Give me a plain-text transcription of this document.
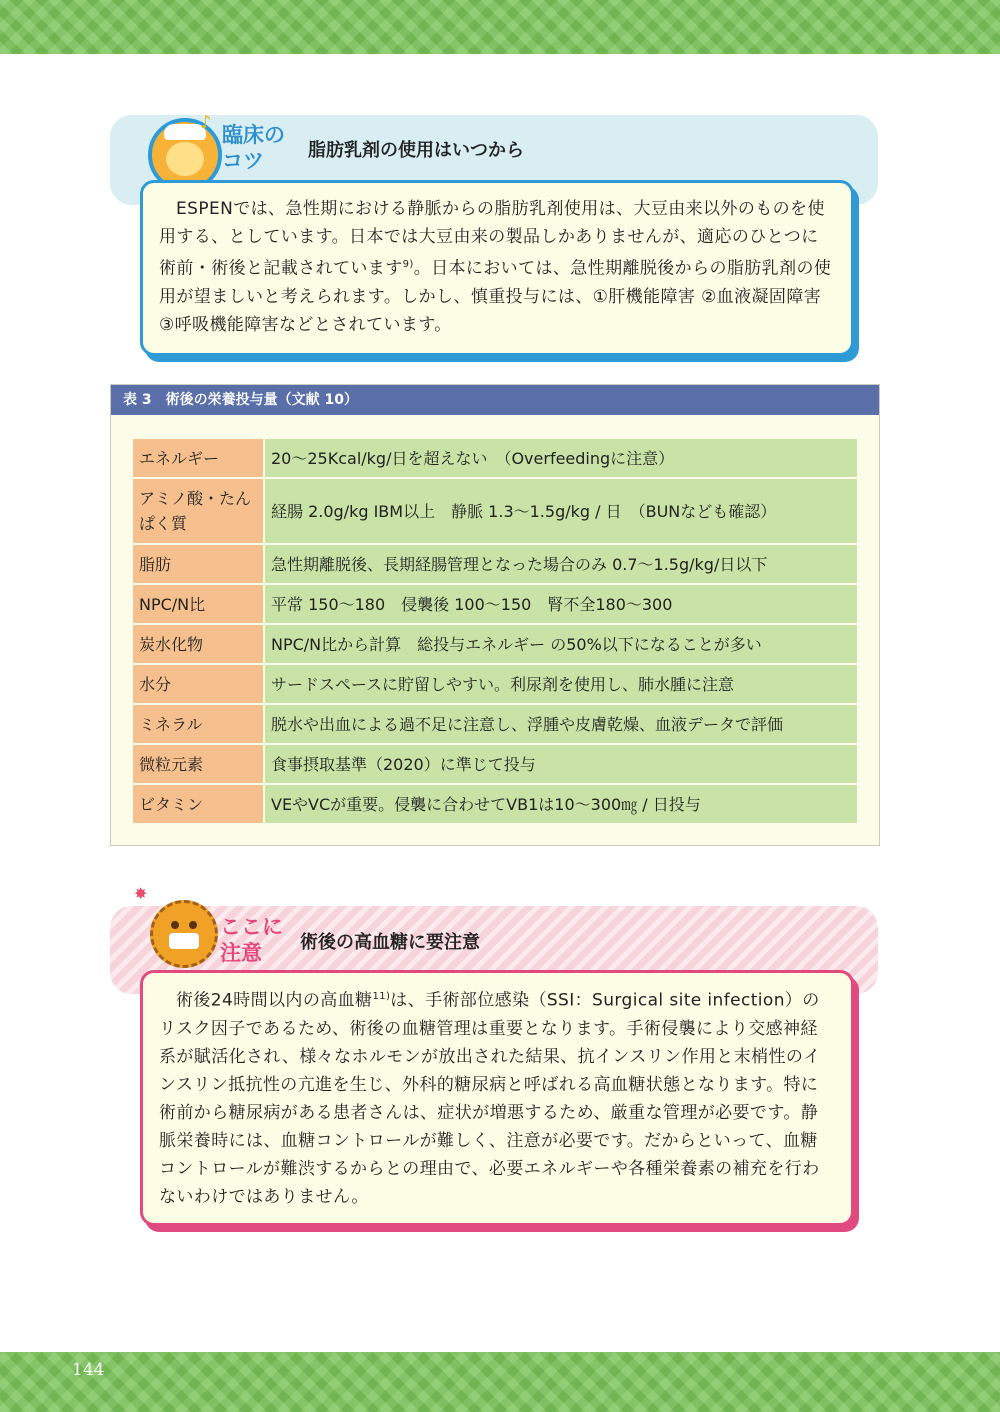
♪
臨床のコツ	脂肪乳剤の使用はいつから
ESPENでは、急性期における静脈からの脂肪乳剤使用は、大豆由来以外のものを使用する、としています。日本では大豆由来の製品しかありませんが、適応のひとつに術前・術後と記載されています$^{9)}$。日本においては、急性期離脱後からの脂肪乳剤の使用が望ましいと考えられます。しかし、慎重投与には、①肝機能障害 ②血液凝固障害 ③呼吸機能障害などとされています。
表 3　術後の栄養投与量（文献 10）
エネルギー	20～25Kcal/kg/日を超えない　（Overfeedingに注意）
アミノ酸・たんぱく質	経腸 2.0g/kg IBM以上　静脈 1.3～1.5g/kg / 日　（BUNなども確認）
脂肪	急性期離脱後、長期経腸管理となった場合のみ 0.7～1.5g/kg/日以下
NPC/N比	平常 150～180　侵襲後 100～150　腎不全180～300
炭水化物	NPC/N比から計算　総投与エネルギー の50%以下になることが多い
水分	サードスペースに貯留しやすい。利尿剤を使用し、肺水腫に注意
ミネラル	脱水や出血による過不足に注意し、浮腫や皮膚乾燥、血液データで評価
微粒元素	食事摂取基準（2020）に準じて投与
ビタミン	VEやVCが重要。侵襲に合わせてVB1は10～300㎎ / 日投与
✸
ここに注意	術後の高血糖に要注意
術後24時間以内の高血糖$^{11)}$は、手術部位感染（SSI：Surgical site infection）のリスク因子であるため、術後の血糖管理は重要となります。手術侵襲により交感神経系が賦活化され、様々なホルモンが放出された結果、抗インスリン作用と末梢性のインスリン抵抗性の亢進を生じ、外科的糖尿病と呼ばれる高血糖状態となります。特に術前から糖尿病がある患者さんは、症状が増悪するため、厳重な管理が必要です。静脈栄養時には、血糖コントロールが難しく、注意が必要です。だからといって、血糖コントロールが難渋するからとの理由で、必要エネルギーや各種栄養素の補充を行わないわけではありません。
144
